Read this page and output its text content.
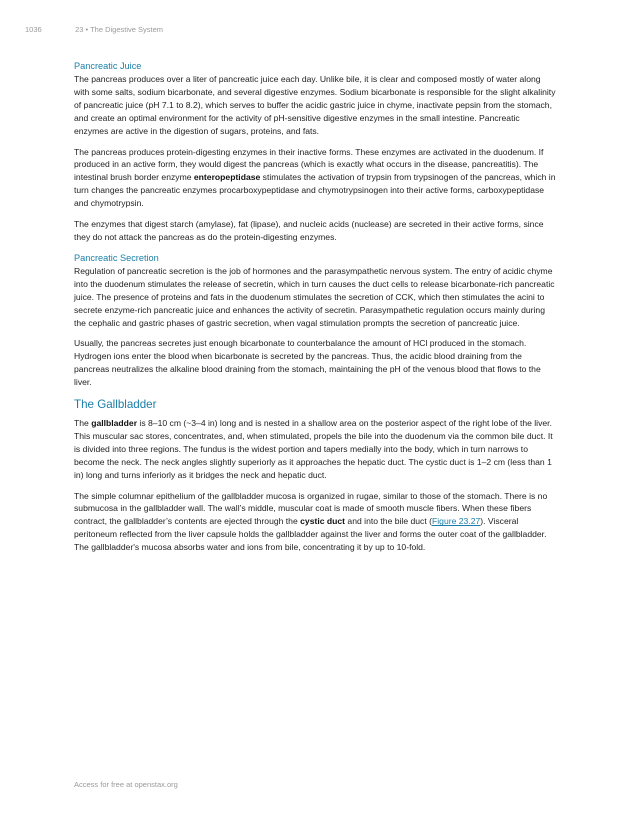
1036	23 • The Digestive System
Pancreatic Juice

The pancreas produces over a liter of pancreatic juice each day. Unlike bile, it is clear and composed mostly of water along with some salts, sodium bicarbonate, and several digestive enzymes. Sodium bicarbonate is responsible for the slight alkalinity of pancreatic juice (pH 7.1 to 8.2), which serves to buffer the acidic gastric juice in chyme, inactivate pepsin from the stomach, and create an optimal environment for the activity of pH-sensitive digestive enzymes in the small intestine. Pancreatic enzymes are active in the digestion of sugars, proteins, and fats.

The pancreas produces protein-digesting enzymes in their inactive forms. These enzymes are activated in the duodenum. If produced in an active form, they would digest the pancreas (which is exactly what occurs in the disease, pancreatitis). The intestinal brush border enzyme enteropeptidase stimulates the activation of trypsin from trypsinogen of the pancreas, which in turn changes the pancreatic enzymes procarboxypeptidase and chymotrypsinogen into their active forms, carboxypeptidase and chymotrypsin.

The enzymes that digest starch (amylase), fat (lipase), and nucleic acids (nuclease) are secreted in their active forms, since they do not attack the pancreas as do the protein-digesting enzymes.

Pancreatic Secretion

Regulation of pancreatic secretion is the job of hormones and the parasympathetic nervous system. The entry of acidic chyme into the duodenum stimulates the release of secretin, which in turn causes the duct cells to release bicarbonate-rich pancreatic juice. The presence of proteins and fats in the duodenum stimulates the secretion of CCK, which then stimulates the acini to secrete enzyme-rich pancreatic juice and enhances the activity of secretin. Parasympathetic regulation occurs mainly during the cephalic and gastric phases of gastric secretion, when vagal stimulation prompts the secretion of pancreatic juice.

Usually, the pancreas secretes just enough bicarbonate to counterbalance the amount of HCl produced in the stomach. Hydrogen ions enter the blood when bicarbonate is secreted by the pancreas. Thus, the acidic blood draining from the pancreas neutralizes the alkaline blood draining from the stomach, maintaining the pH of the venous blood that flows to the liver.

The Gallbladder

The gallbladder is 8–10 cm (~3–4 in) long and is nested in a shallow area on the posterior aspect of the right lobe of the liver. This muscular sac stores, concentrates, and, when stimulated, propels the bile into the duodenum via the common bile duct. It is divided into three regions. The fundus is the widest portion and tapers medially into the body, which in turn narrows to become the neck. The neck angles slightly superiorly as it approaches the hepatic duct. The cystic duct is 1–2 cm (less than 1 in) long and turns inferiorly as it bridges the neck and hepatic duct.

The simple columnar epithelium of the gallbladder mucosa is organized in rugae, similar to those of the stomach. There is no submucosa in the gallbladder wall. The wall’s middle, muscular coat is made of smooth muscle fibers. When these fibers contract, the gallbladder’s contents are ejected through the cystic duct and into the bile duct (Figure 23.27). Visceral peritoneum reflected from the liver capsule holds the gallbladder against the liver and forms the outer coat of the gallbladder. The gallbladder's mucosa absorbs water and ions from bile, concentrating it by up to 10-fold.

Access for free at openstax.org
